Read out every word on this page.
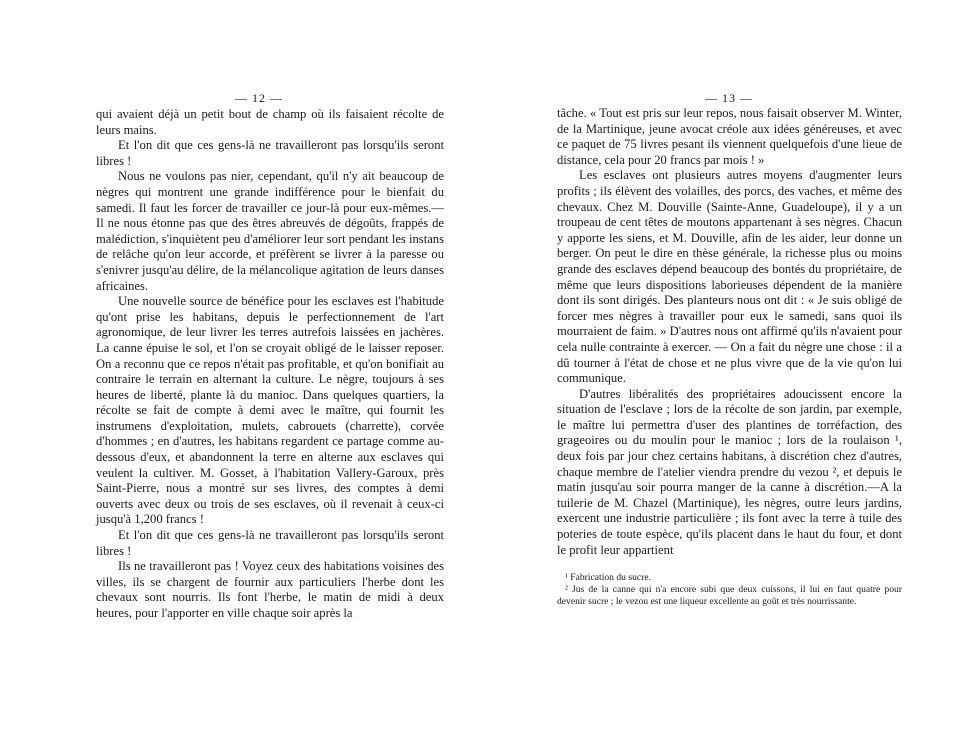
— 12 —

qui avaient déjà un petit bout de champ où ils faisaient récolte de leurs mains.

Et l'on dit que ces gens-là ne travailleront pas lorsqu'ils seront libres !

Nous ne voulons pas nier, cependant, qu'il n'y ait beaucoup de nègres qui montrent une grande indifférence pour le bienfait du samedi. Il faut les forcer de travailler ce jour-là pour eux-mêmes.—Il ne nous étonne pas que des êtres abreuvés de dégoûts, frappés de malédiction, s'inquiètent peu d'améliorer leur sort pendant les instans de relâche qu'on leur accorde, et préfèrent se livrer à la paresse ou s'enivrer jusqu'au délire, de la mélancolique agitation de leurs danses africaines.

Une nouvelle source de bénéfice pour les esclaves est l'habitude qu'ont prise les habitans, depuis le perfectionnement de l'art agronomique, de leur livrer les terres autrefois laissées en jachères. La canne épuise le sol, et l'on se croyait obligé de le laisser reposer. On a reconnu que ce repos n'était pas profitable, et qu'on bonifiait au contraire le terrain en alternant la culture. Le nègre, toujours à ses heures de liberté, plante là du manioc. Dans quelques quartiers, la récolte se fait de compte à demi avec le maître, qui fournit les instrumens d'exploitation, mulets, cabrouets (charrette), corvée d'hommes ; en d'autres, les habitans regardent ce partage comme au-dessous d'eux, et abandonnent la terre en alterne aux esclaves qui veulent la cultiver. M. Gosset, à l'habitation Vallery-Garoux, près Saint-Pierre, nous a montré sur ses livres, des comptes à demi ouverts avec deux ou trois de ses esclaves, où il revenait à ceux-ci jusqu'à 1,200 francs !

Et l'on dit que ces gens-là ne travailleront pas lorsqu'ils seront libres !

Ils ne travailleront pas ! Voyez ceux des habitations voisines des villes, ils se chargent de fournir aux particuliers l'herbe dont les chevaux sont nourris. Ils font l'herbe, le matin de midi à deux heures, pour l'apporter en ville chaque soir après la

— 13 —

tâche. « Tout est pris sur leur repos, nous faisait observer M. Winter, de la Martinique, jeune avocat créole aux idées généreuses, et avec ce paquet de 75 livres pesant ils viennent quelquefois d'une lieue de distance, cela pour 20 francs par mois ! »

Les esclaves ont plusieurs autres moyens d'augmenter leurs profits ; ils élèvent des volailles, des porcs, des vaches, et même des chevaux. Chez M. Douville (Sainte-Anne, Guadeloupe), il y a un troupeau de cent têtes de moutons appartenant à ses nègres. Chacun y apporte les siens, et M. Douville, afin de les aider, leur donne un berger. On peut le dire en thèse générale, la richesse plus ou moins grande des esclaves dépend beaucoup des bontés du propriétaire, de même que leurs dispositions laborieuses dépendent de la manière dont ils sont dirigés. Des planteurs nous ont dit : « Je suis obligé de forcer mes nègres à travailler pour eux le samedi, sans quoi ils mourraient de faim. » D'autres nous ont affirmé qu'ils n'avaient pour cela nulle contrainte à exercer. — On a fait du nègre une chose : il a dû tourner à l'état de chose et ne plus vivre que de la vie qu'on lui communique.

D'autres libéralités des propriétaires adoucissent encore la situation de l'esclave ; lors de la récolte de son jardin, par exemple, le maître lui permettra d'user des plantines de torréfaction, des grageoires ou du moulin pour le manioc ; lors de la roulaison ¹, deux fois par jour chez certains habitans, à discrétion chez d'autres, chaque membre de l'atelier viendra prendre du vezou ², et depuis le matin jusqu'au soir pourra manger de la canne à discrétion.—A la tuilerie de M. Chazel (Martinique), les nègres, outre leurs jardins, exercent une industrie particulière ; ils font avec la terre à tuile des poteries de toute espèce, qu'ils placent dans le haut du four, et dont le profit leur appartient

¹ Fabrication du sucre.

² Jus de la canne qui n'a encore subi que deux cuissons, il lui en faut quatre pour devenir sucre ; le vezou est une liqueur excellente au goût et très nourrissante.
